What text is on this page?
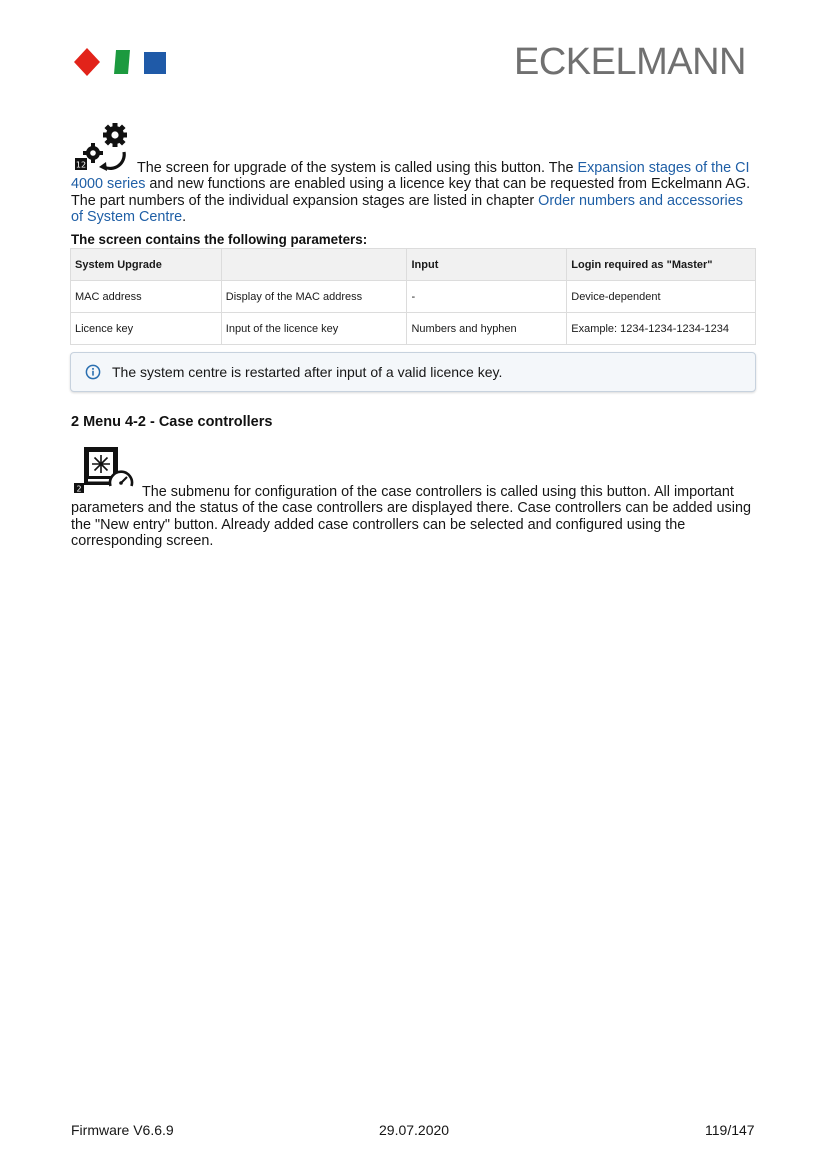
ECKELMANN
12	The screen for upgrade of the system is called using this button. The Expansion stages of the CI 4000 series and new functions are enabled using a licence key that can be requested from Eckelmann AG. The part numbers of the individual expansion stages are listed in chapter Order numbers and accessories of System Centre.
The screen contains the following parameters:
System Upgrade		Input	Login required as "Master"
MAC address	Display of the MAC address	-	Device-dependent
Licence key	Input of the licence key	Numbers and hyphen	Example: 1234-1234-1234-1234
The system centre is restarted after input of a valid licence key.
2 Menu 4-2 - Case controllers
2	The submenu for configuration of the case controllers is called using this button. All important parameters and the status of the case controllers are displayed there. Case controllers can be added using the "New entry" button. Already added case controllers can be selected and configured using the corresponding screen.
Firmware V6.6.9	29.07.2020	119/147
